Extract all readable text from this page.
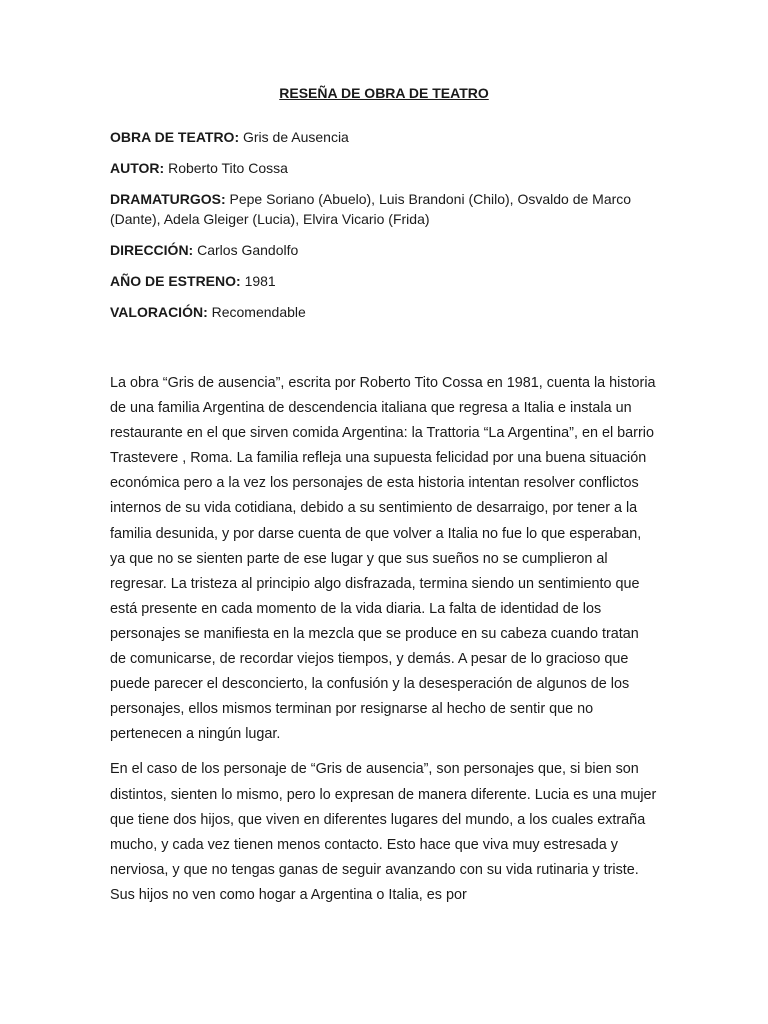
RESEÑA DE OBRA DE TEATRO
OBRA DE TEATRO: Gris de Ausencia
AUTOR: Roberto Tito Cossa
DRAMATURGOS: Pepe Soriano (Abuelo), Luis Brandoni (Chilo), Osvaldo de Marco (Dante), Adela Gleiger (Lucia), Elvira Vicario (Frida)
DIRECCIÓN: Carlos Gandolfo
AÑO DE ESTRENO: 1981
VALORACIÓN: Recomendable

La obra “Gris de ausencia”, escrita por Roberto Tito Cossa en 1981, cuenta la historia de una familia Argentina de descendencia italiana que regresa a Italia e instala un restaurante en el que sirven comida Argentina: la Trattoria “La Argentina”, en el barrio Trastevere , Roma. La familia refleja una supuesta felicidad por una buena situación económica pero a la vez los personajes de esta historia intentan resolver conflictos internos de su vida cotidiana, debido a su sentimiento de desarraigo, por tener a la familia desunida, y por darse cuenta de que volver a Italia no fue lo que esperaban, ya que no se sienten parte de ese lugar y que sus sueños no se cumplieron al regresar. La tristeza al principio algo disfrazada, termina siendo un sentimiento que está presente en cada momento de la vida diaria. La falta de identidad de los personajes se manifiesta en la mezcla que se produce en su cabeza cuando tratan de comunicarse, de recordar viejos tiempos, y demás. A pesar de lo gracioso que puede parecer el desconcierto, la confusión y la desesperación de algunos de los personajes, ellos mismos terminan por resignarse al hecho de sentir que no pertenecen a ningún lugar.

En el caso de los personaje de “Gris de ausencia”, son personajes que, si bien son distintos, sienten lo mismo, pero lo expresan de manera diferente. Lucia es una mujer que tiene dos hijos, que viven en diferentes lugares del mundo, a los cuales extraña mucho, y cada vez tienen menos contacto. Esto hace que viva muy estresada y nerviosa, y que no tengas ganas de seguir avanzando con su vida rutinaria y triste. Sus hijos no ven como hogar a Argentina o Italia, es por
